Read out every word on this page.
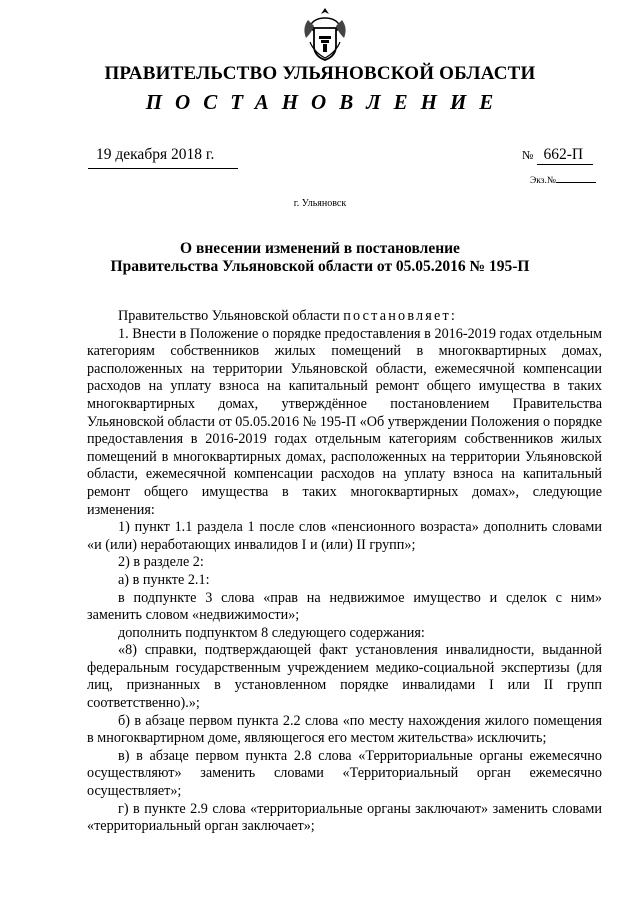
ПРАВИТЕЛЬСТВО УЛЬЯНОВСКОЙ ОБЛАСТИ
ПОСТАНОВЛЕНИЕ
19 декабря 2018 г.	№ 662-П
Экз.№
г. Ульяновск
О внесении изменений в постановление
Правительства Ульяновской области от 05.05.2016 № 195-П

Правительство Ульяновской области постановляет:

1. Внести в Положение о порядке предоставления в 2016-2019 годах отдельным категориям собственников жилых помещений в многоквартирных домах, расположенных на территории Ульяновской области, ежемесячной компенсации расходов на уплату взноса на капитальный ремонт общего имущества в таких многоквартирных домах, утверждённое постановлением Правительства Ульяновской области от 05.05.2016 № 195-П «Об утверждении Положения о порядке предоставления в 2016-2019 годах отдельным категориям собственников жилых помещений в многоквартирных домах, расположенных на территории Ульяновской области, ежемесячной компенсации расходов на уплату взноса на капитальный ремонт общего имущества в таких многоквартирных домах», следующие изменения:

1) пункт 1.1 раздела 1 после слов «пенсионного возраста» дополнить словами «и (или) неработающих инвалидов I и (или) II групп»;

2) в разделе 2:

а) в пункте 2.1:

в подпункте 3 слова «прав на недвижимое имущество и сделок с ним» заменить словом «недвижимости»;

дополнить подпунктом 8 следующего содержания:

«8) справки, подтверждающей факт установления инвалидности, выданной федеральным государственным учреждением медико-социальной экспертизы (для лиц, признанных в установленном порядке инвалидами I или II групп соответственно).»;

б) в абзаце первом пункта 2.2 слова «по месту нахождения жилого помещения в многоквартирном доме, являющегося его местом жительства» исключить;

в) в абзаце первом пункта 2.8 слова «Территориальные органы ежемесячно осуществляют» заменить словами «Территориальный орган ежемесячно осуществляет»;

г) в пункте 2.9 слова «территориальные органы заключают» заменить словами «территориальный орган заключает»;
